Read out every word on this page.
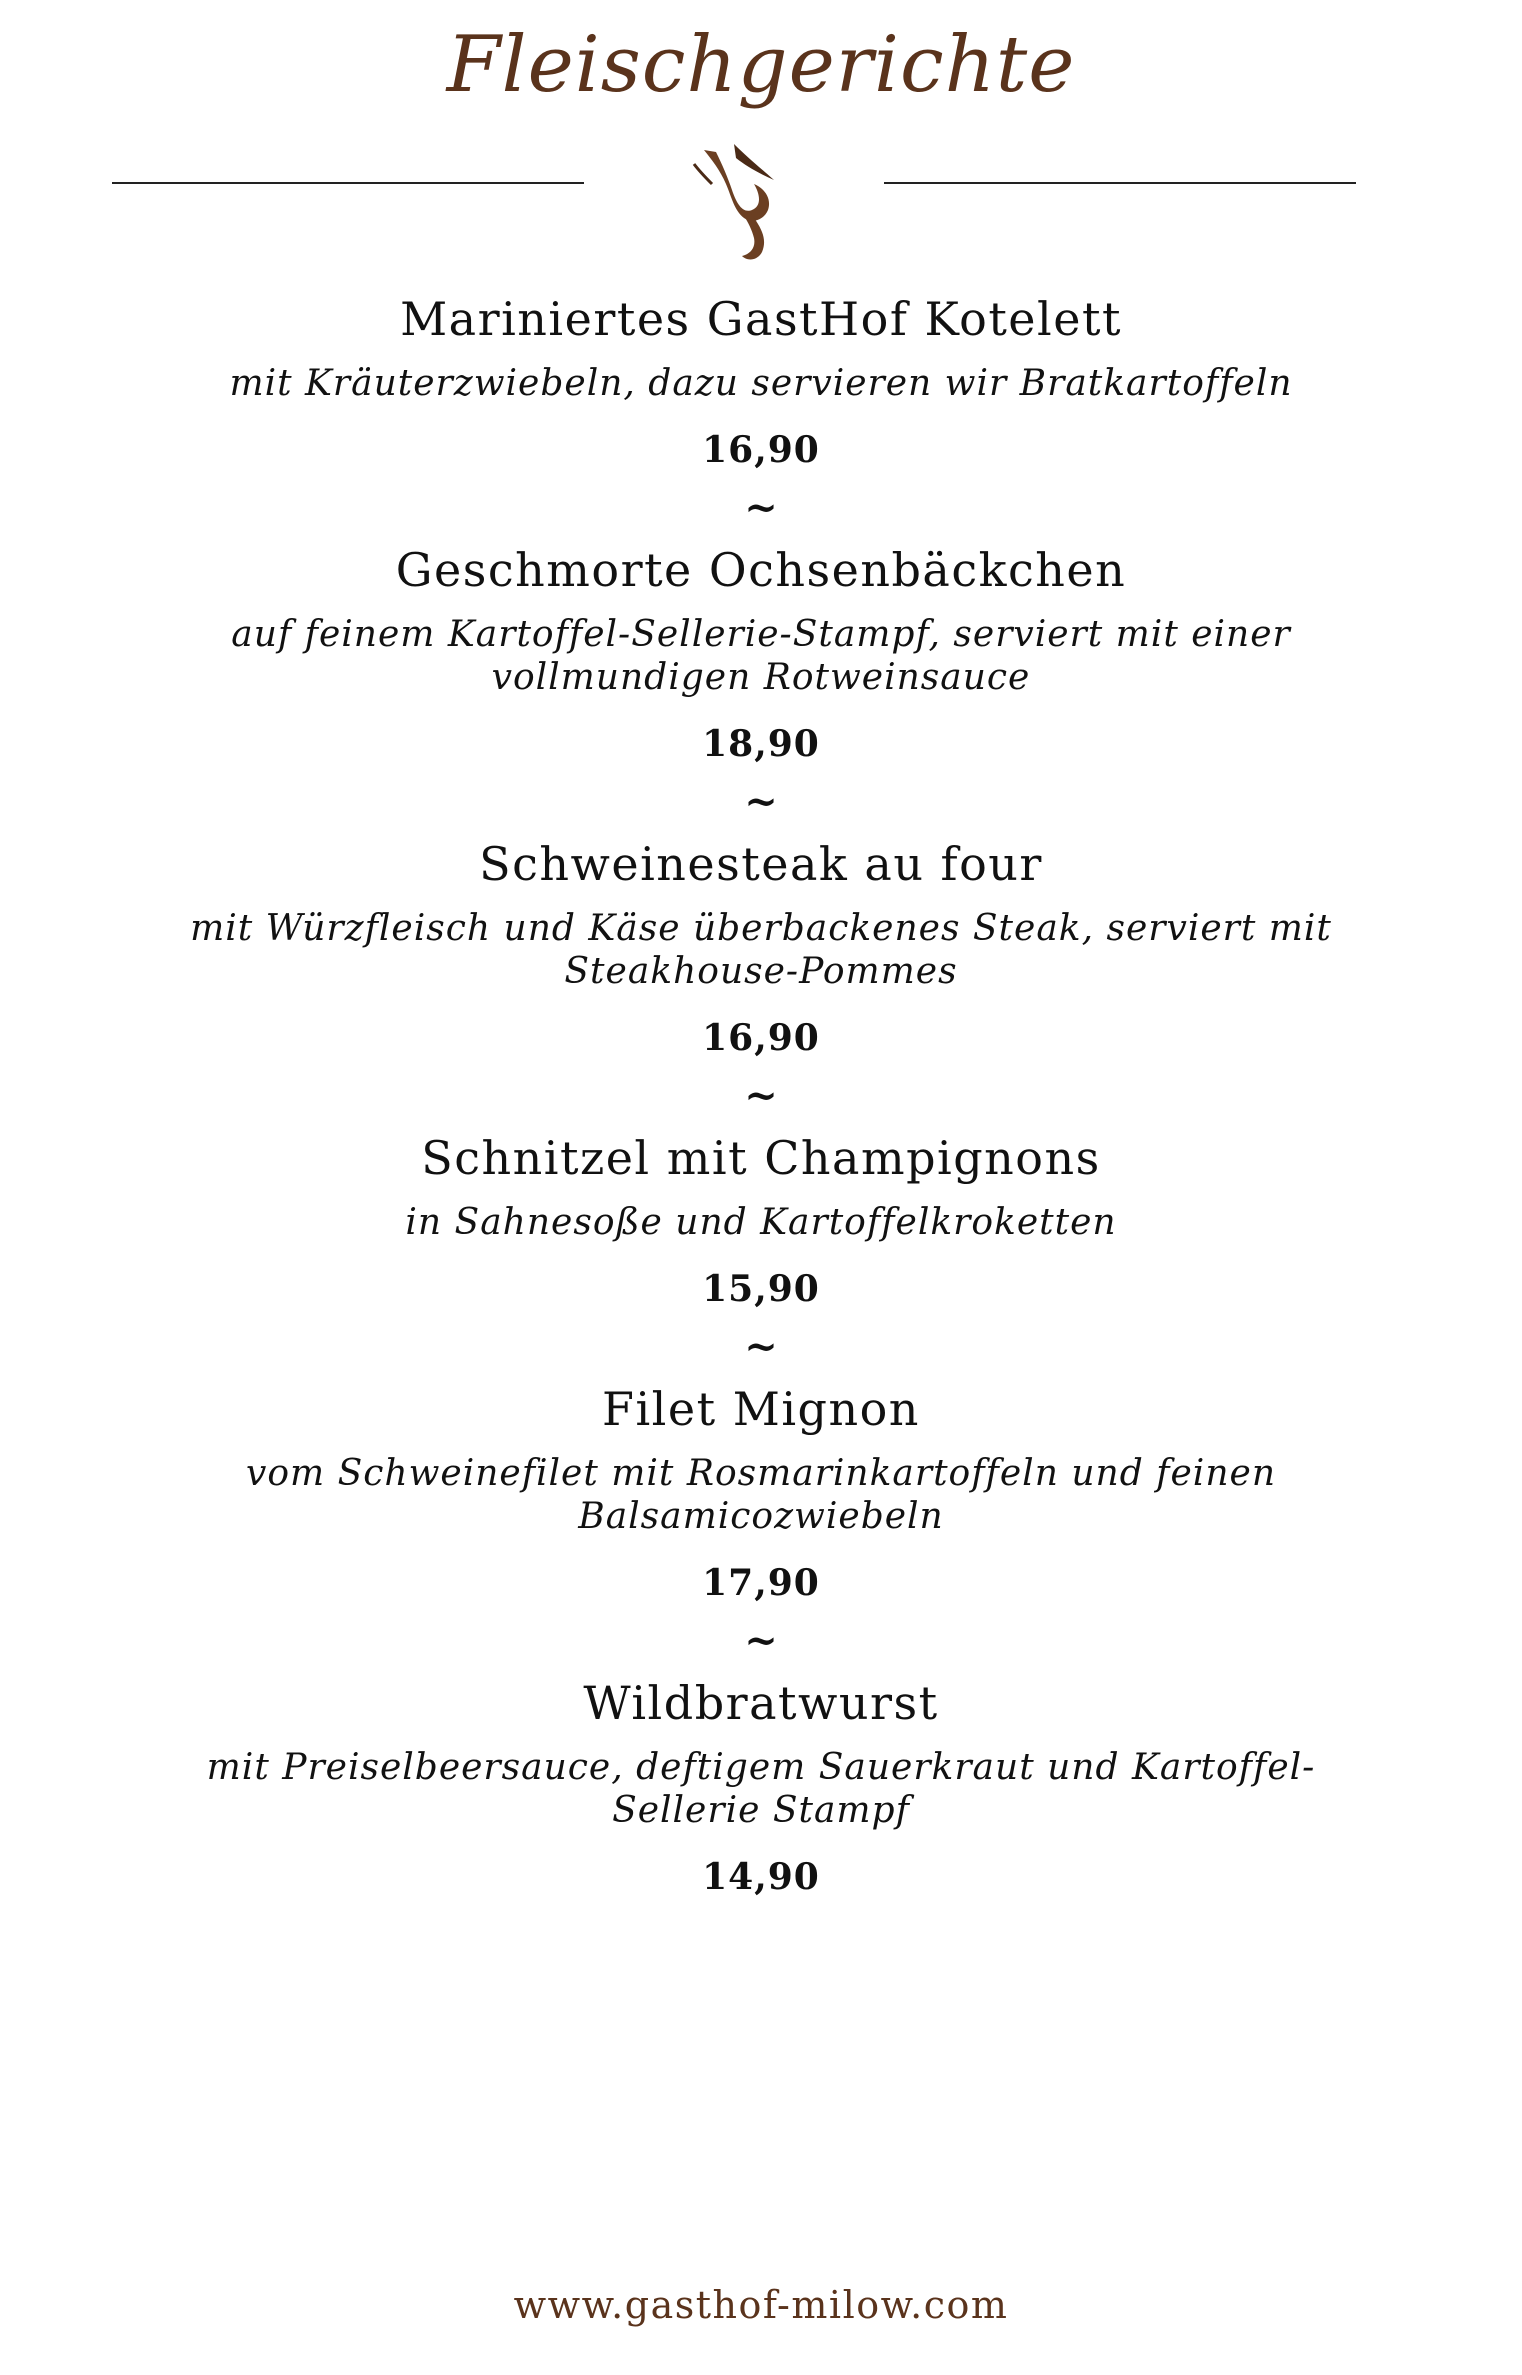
Fleischgerichte
Mariniertes GastHof Kotelett
mit Kräuterzwiebeln, dazu servieren wir Bratkartoffeln
16,90
~
Geschmorte Ochsenbäckchen
auf feinem Kartoffel-Sellerie-Stampf, serviert mit einer vollmundigen Rotweinsauce
18,90
~
Schweinesteak au four
mit Würzfleisch und Käse überbackenes Steak, serviert mit Steakhouse-Pommes
16,90
~
Schnitzel mit Champignons
in Sahnesoße und Kartoffelkroketten
15,90
~
Filet Mignon
vom Schweinefilet mit Rosmarinkartoffeln und feinen Balsamicozwiebeln
17,90
~
Wildbratwurst
mit Preiselbeersauce, deftigem Sauerkraut und Kartoffel-Sellerie Stampf
14,90
www.gasthof-milow.com
